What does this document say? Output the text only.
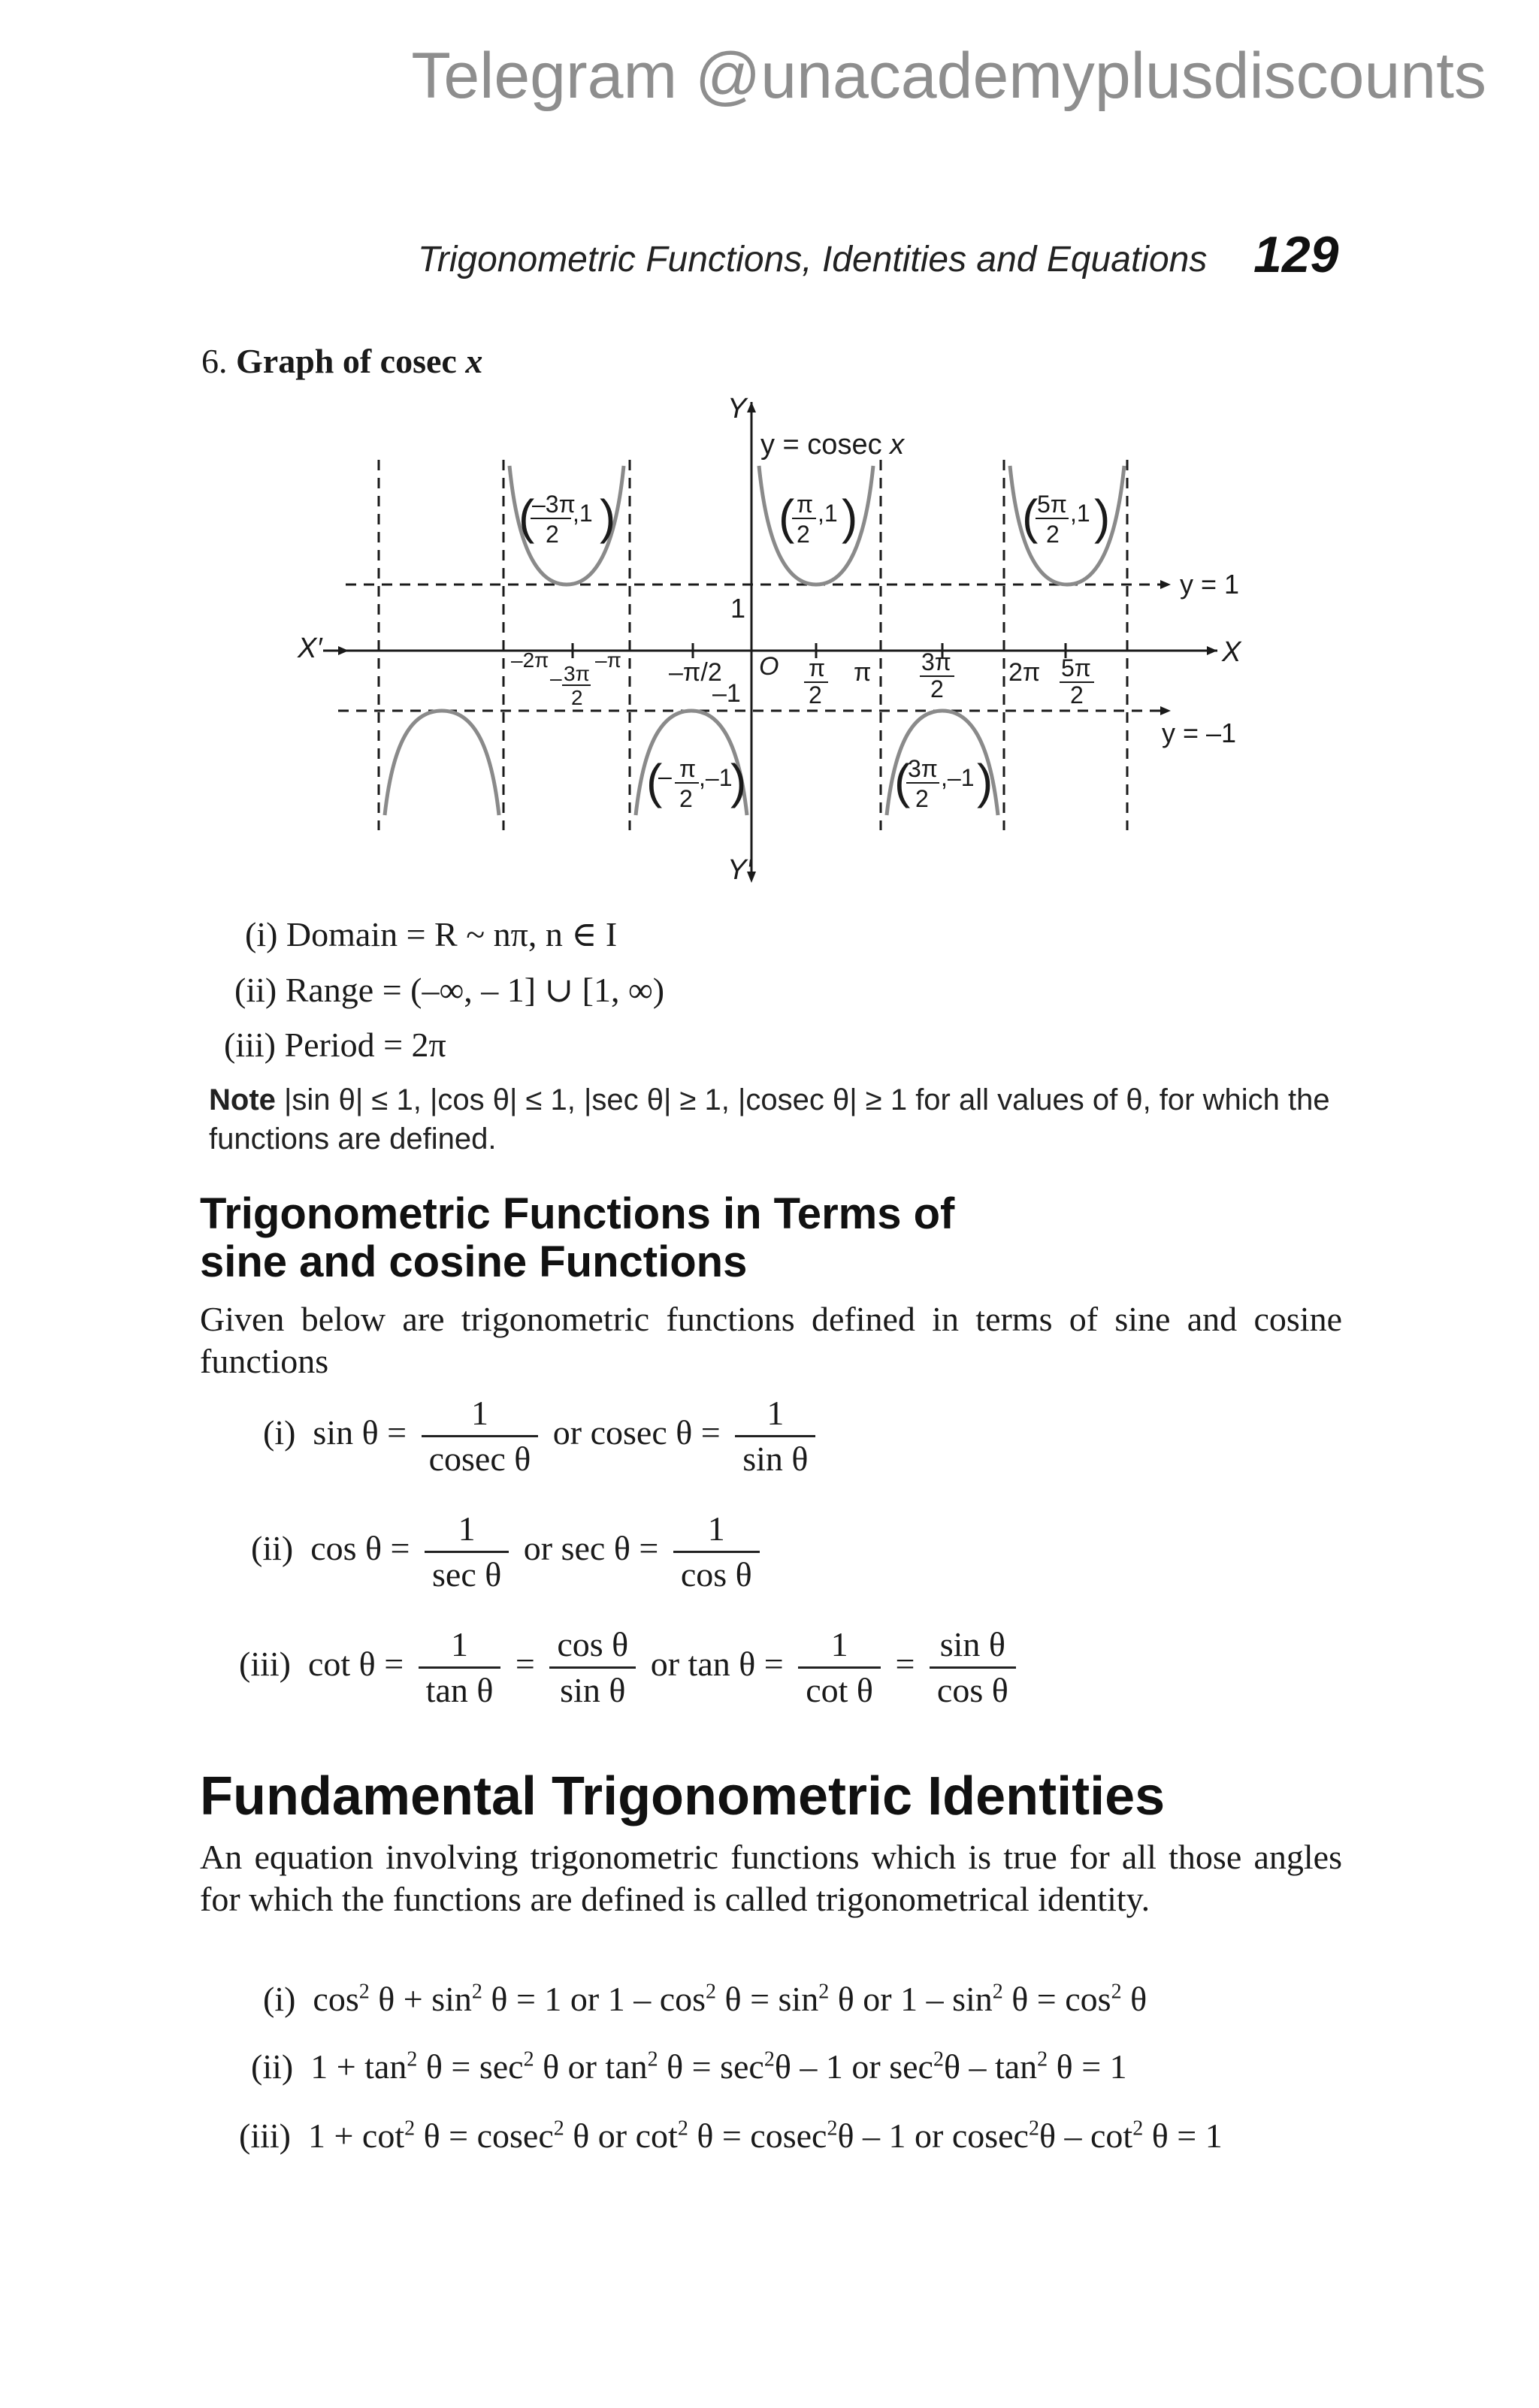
Telegram @unacademyplusdiscounts
Trigonometric Functions, Identities and Equations 129
6. Graph of cosec x
Y
y = cosec x
X′	X
y = 1
y = –1
Y′
1
O
–1
–2π –π
– 3π
2
–π/2	π
2
π 3π
2
2π 5π
2
(
–3π
2
,1 )	( π
2
,1 )	(
5π
2
,1 )
(
– π
2
,–1
)	(
3π
2
,–1 )
(i) Domain = R ~ nπ, n ∈ I
(ii) Range = (–∞, – 1] ∪ [1, ∞)
(iii) Period = 2π
Note |sin θ| ≤ 1, |cos θ| ≤ 1, |sec θ| ≥ 1, |cosec θ| ≥ 1 for all values of θ, for which the functions are defined.
Trigonometric Functions in Terms of
sine and cosine Functions
Given below are trigonometric functions defined in terms of sine and cosine functions
(i) $\sin \theta = \frac{1}{\text{cosec θ}}$ or cosec $\theta = \frac{1}{\text{sin θ}}$
(ii) $\cos \theta = \frac{1}{\text{sec θ}}$ or $\sec \theta = \frac{1}{\text{cos θ}}$
(iii) $\cot \theta = \frac{1}{\text{tan θ}} = \frac{\text{cos θ}}{\text{sin θ}}$ or $\tan \theta = \frac{1}{\text{cot θ}} = \frac{\text{sin θ}}{\text{cos θ}}$
Fundamental Trigonometric Identities
An equation involving trigonometric functions which is true for all those angles for which the functions are defined is called trigonometrical identity.
(i) $\cos^2 \theta + \sin^2 \theta = 1$ or $1 - \cos^2 \theta = \sin^2 \theta$ or $1 - \sin^2 \theta = \cos^2 \theta$
(ii) $1 + \tan^2 \theta = \sec^2 \theta$ or $\tan^2 \theta = \sec^2\theta - 1$ or $\sec^2\theta - \tan^2 \theta = 1$
(iii) $1 + \cot^2 \theta = cosec^2$ θ or $\cot^2 \theta = cosec^2\theta - 1$ or $cosec^2\theta - \cot^2 \theta = 1$
